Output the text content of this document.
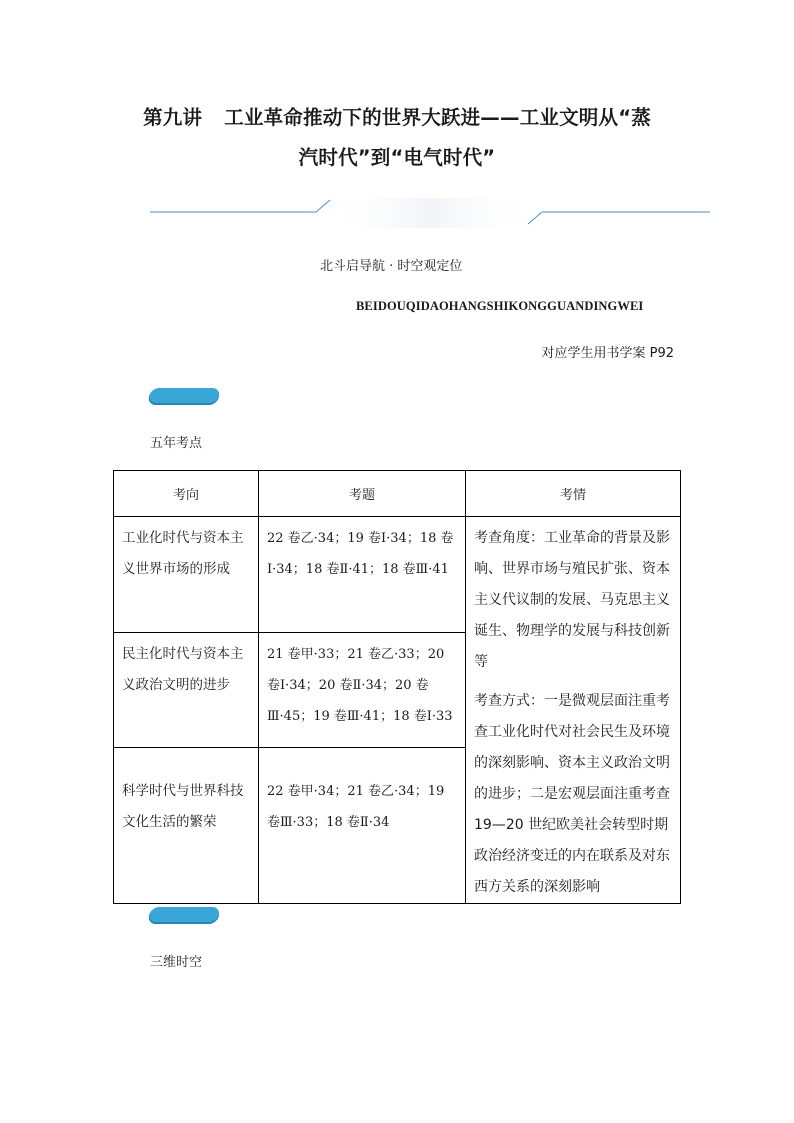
第九讲 工业革命推动下的世界大跃进——工业文明从“蒸
汽时代”到“电气时代”
北斗启导航 · 时空观定位
BEIDOUQIDAOHANGSHIKONGGUANDINGWEI
对应学生用书学案 P92
五年考点
考向	考题	考情
工业化时代与资本主义世界市场的形成	22 卷乙·34；19 卷Ⅰ·34；18 卷Ⅰ·34；18 卷Ⅱ·41；18 卷Ⅲ·41	考查角度：工业革命的背景及影响、世界市场与殖民扩张、资本主义代议制的发展、马克思主义诞生、物理学的发展与科技创新等

考查方式：一是微观层面注重考查工业化时代对社会民生及环境的深刻影响、资本主义政治文明的进步；二是宏观层面注重考查 19—20 世纪欧美社会转型时期政治经济变迁的内在联系及对东西方关系的深刻影响

民主化时代与资本主义政治文明的进步	21 卷甲·33；21 卷乙·33；20 卷Ⅰ·34；20 卷Ⅱ·34；20 卷Ⅲ·45；19 卷Ⅲ·41；18 卷Ⅰ·33	
科学时代与世界科技文化生活的繁荣	22 卷甲·34；21 卷乙·34；19 卷Ⅲ·33；18 卷Ⅱ·34	
三维时空
